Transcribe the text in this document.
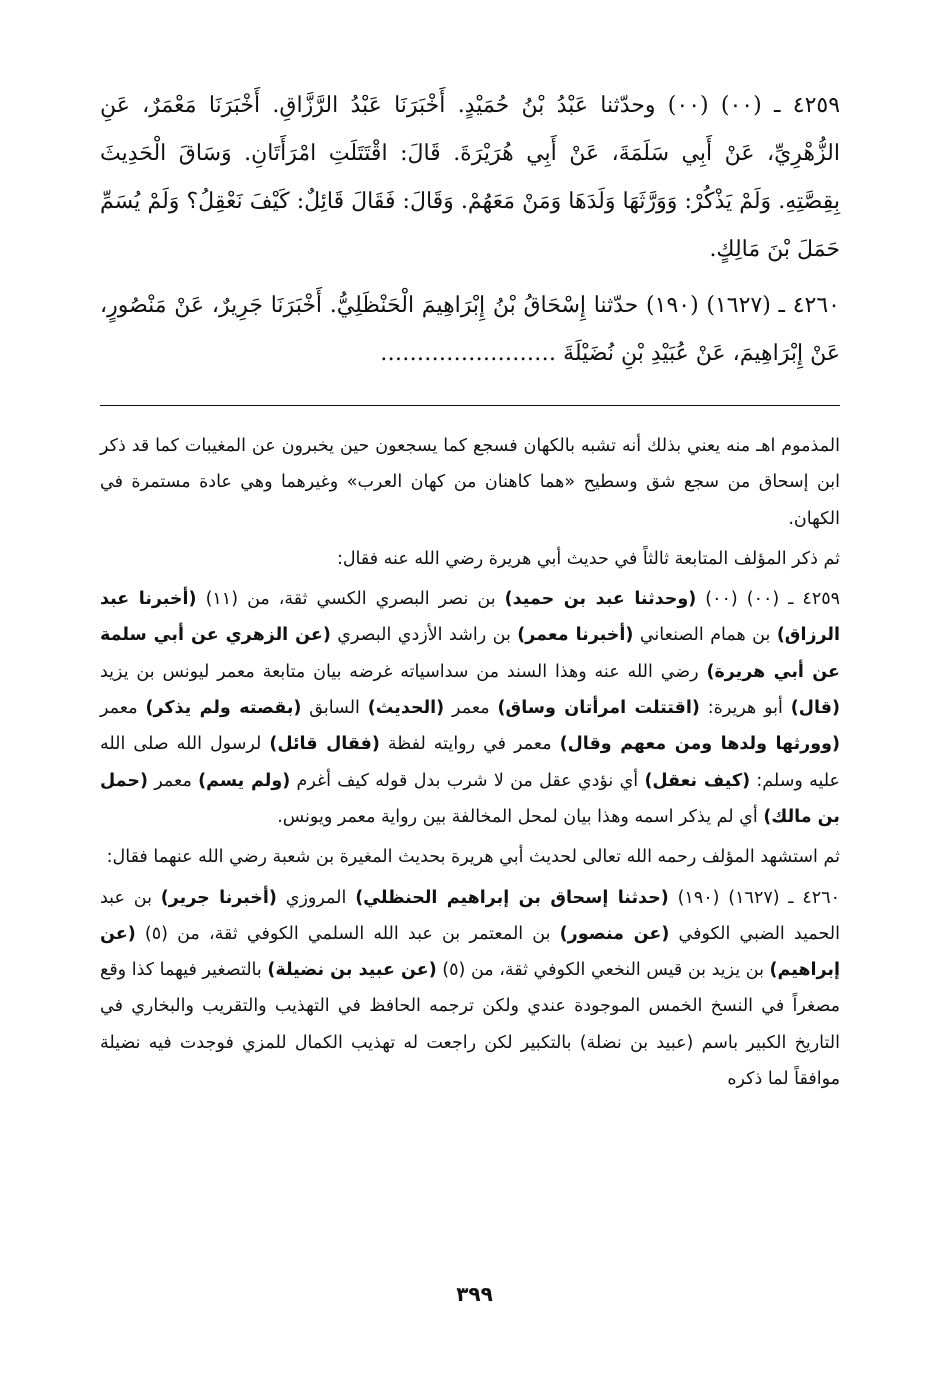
٤٢٥٩ ـ (٠٠) (٠٠) وحدّثنا عَبْدُ بْنُ حُمَيْدٍ. أَخْبَرَنَا عَبْدُ الرَّزَّاقِ. أَخْبَرَنَا مَعْمَرٌ، عَنِ الزُّهْرِيِّ، عَنْ أَبِي سَلَمَةَ، عَنْ أَبِي هُرَيْرَةَ. قَالَ: اقْتَتَلَتِ امْرَأَتَانِ. وَسَاقَ الْحَدِيثَ بِقِصَّتِهِ. وَلَمْ يَذْكُرْ: وَوَرَّثَهَا وَلَدَهَا وَمَنْ مَعَهُمْ. وَقَالَ: فَقَالَ قَائِلٌ: كَيْفَ نَعْقِلُ؟ وَلَمْ يُسَمِّ حَمَلَ بْنَ مَالِكٍ.
٤٢٦٠ ـ (١٦٢٧) (١٩٠) حدّثنا إِسْحَاقُ بْنُ إِبْرَاهِيمَ الْحَنْظَلِيُّ. أَخْبَرَنَا جَرِيرٌ، عَنْ مَنْصُورٍ، عَنْ إِبْرَاهِيمَ، عَنْ عُبَيْدِ بْنِ نُضَيْلَةَ ……………………

المذموم اهـ منه يعني بذلك أنه تشبه بالكهان فسجع كما يسجعون حين يخبرون عن المغيبات كما قد ذكر ابن إسحاق من سجع شق وسطيح «هما كاهنان من كهان العرب» وغيرهما وهي عادة مستمرة في الكهان.

ثم ذكر المؤلف المتابعة ثالثاً في حديث أبي هريرة رضي الله عنه فقال:

٤٢٥٩ ـ (٠٠) (٠٠) (وحدثنا عبد بن حميد) بن نصر البصري الكسي ثقة، من (١١) (أخبرنا عبد الرزاق) بن همام الصنعاني (أخبرنا معمر) بن راشد الأزدي البصري (عن الزهري عن أبي سلمة عن أبي هريرة) رضي الله عنه وهذا السند من سداسياته غرضه بيان متابعة معمر ليونس بن يزيد (قال) أبو هريرة: (اقتتلت امرأتان وساق) معمر (الحديث) السابق (بقصته ولم يذكر) معمر (وورثها ولدها ومن معهم وقال) معمر في روايته لفظة (فقال قائل) لرسول الله صلى الله عليه وسلم: (كيف نعقل) أي نؤدي عقل من لا شرب بدل قوله كيف أغرم (ولم يسم) معمر (حمل بن مالك) أي لم يذكر اسمه وهذا بيان لمحل المخالفة بين رواية معمر ويونس.

ثم استشهد المؤلف رحمه الله تعالى لحديث أبي هريرة بحديث المغيرة بن شعبة رضي الله عنهما فقال:

٤٢٦٠ ـ (١٦٢٧) (١٩٠) (حدثنا إسحاق بن إبراهيم الحنظلي) المروزي (أخبرنا جرير) بن عبد الحميد الضبي الكوفي (عن منصور) بن المعتمر بن عبد الله السلمي الكوفي ثقة، من (٥) (عن إبراهيم) بن يزيد بن قيس النخعي الكوفي ثقة، من (٥) (عن عبيد بن نضيلة) بالتصغير فيهما كذا وقع مصغراً في النسخ الخمس الموجودة عندي ولكن ترجمه الحافظ في التهذيب والتقريب والبخاري في التاريخ الكبير باسم (عبيد بن نضلة) بالتكبير لكن راجعت له تهذيب الكمال للمزي فوجدت فيه نضيلة موافقاً لما ذكره

٣٩٩
